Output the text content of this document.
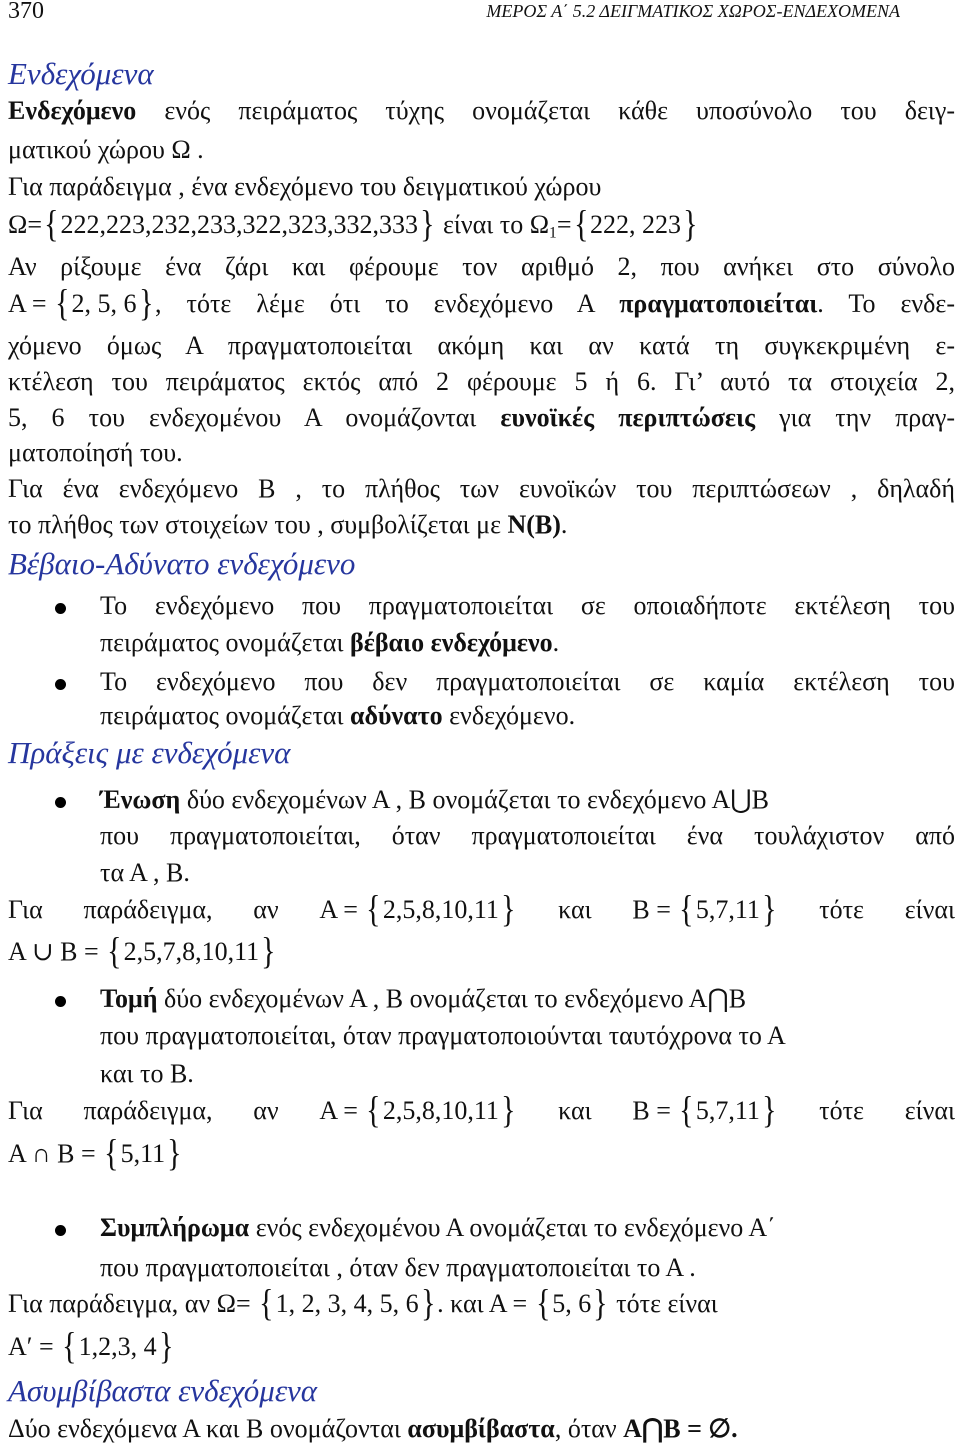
370	ΜΕΡΟΣ Α΄ 5.2 ΔΕΙΓΜΑΤΙΚΟΣ ΧΩΡΟΣ-ΕΝΔΕΧΟΜΕΝΑ
Ενδεχόμενα
Ενδεχόμενο ενός πειράματος τύχης ονομάζεται κάθε υποσύνολο του δειγ-
ματικού χώρου Ω .
Για παράδειγμα , ένα ενδεχόμενο του δειγματικού χώρου
Ω={222,223,232,233,322,323,332,333} είναι το $\Omega_1=\{222$, 223}
Αν ρίξουμε ένα ζάρι και φέρουμε τον αριθμό 2, που ανήκει στο σύνολο
Α = {2, 5, 6}, τότε λέμε ότι το ενδεχόμενο Α πραγματοποιείται. Το ενδε-
χόμενο όμως Α πραγματοποιείται ακόμη και αν κατά τη συγκεκριμένη ε-
κτέλεση του πειράματος εκτός από 2 φέρουμε 5 ή 6. Γι’ αυτό τα στοιχεία 2,
5, 6 του ενδεχομένου Α ονομάζονται ευνοϊκές περιπτώσεις για την πραγ-
ματοποίησή του.
Για ένα ενδεχόμενο Β , το πλήθος των ευνοϊκών του περιπτώσεων , δηλαδή
το πλήθος των στοιχείων του , συμβολίζεται με Ν(Β).
Βέβαιο-Αδύνατο ενδεχόμενο
Το ενδεχόμενο που πραγματοποιείται σε οποιαδήποτε εκτέλεση του
πειράματος ονομάζεται βέβαιο ενδεχόμενο.
Το ενδεχόμενο που δεν πραγματοποιείται σε καμία εκτέλεση του
πειράματος ονομάζεται αδύνατο ενδεχόμενο.
Πράξεις με ενδεχόμενα
Ένωση δύο ενδεχομένων Α , Β ονομάζεται το ενδεχόμενο Α⋃Β
που πραγματοποιείται, όταν πραγματοποιείται ένα τουλάχιστον από
τα Α , Β.
Για παράδειγμα, αν Α = {2,5,8,10,11} και Β = {5,7,11} τότε είναι
Α ∪ Β = {2,5,7,8,10,11}
Τομή δύο ενδεχομένων Α , Β ονομάζεται το ενδεχόμενο Α⋂Β
που πραγματοποιείται, όταν πραγματοποιούνται ταυτόχρονα το Α
και το Β.
Για παράδειγμα, αν Α = {2,5,8,10,11} και Β = {5,7,11} τότε είναι
Α ∩ Β = {5,11}
Συμπλήρωμα ενός ενδεχομένου Α ονομάζεται το ενδεχόμενο Α΄
που πραγματοποιείται , όταν δεν πραγματοποιείται το Α .
Για παράδειγμα, αν Ω= {1, 2, 3, 4, 5, 6}. και Α = {5, 6} τότε είναι
Α′ = {1,2,3, 4}
Ασυμβίβαστα ενδεχόμενα
Δύο ενδεχόμενα Α και Β ονομάζονται ασυμβίβαστα, όταν Α⋂Β = ∅.
